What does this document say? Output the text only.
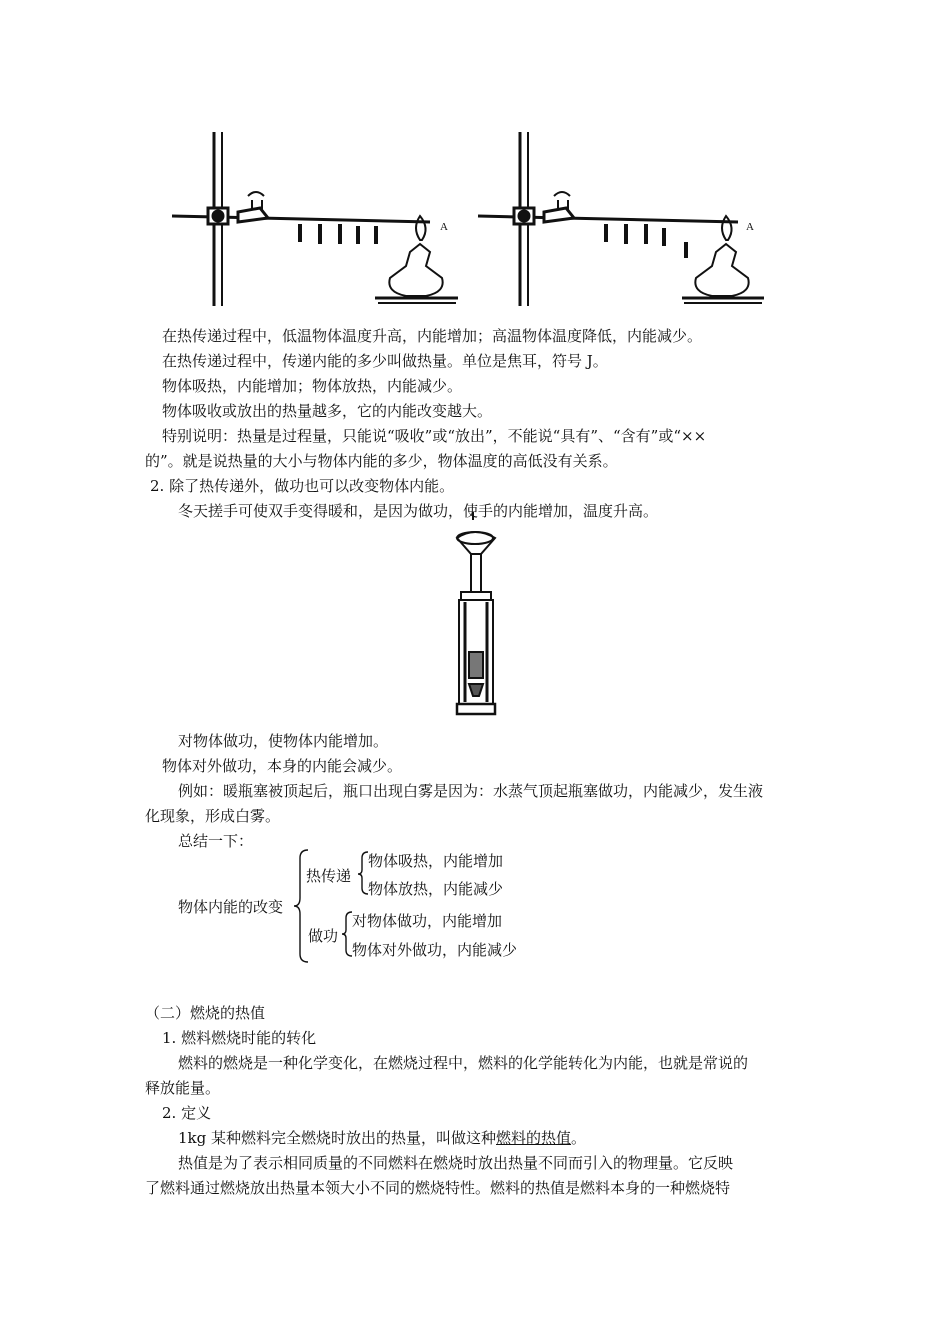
A	A
在热传递过程中，低温物体温度升高，内能增加；高温物体温度降低，内能减少。
在热传递过程中，传递内能的多少叫做热量。单位是焦耳，符号 J。
物体吸热，内能增加；物体放热，内能减少。
物体吸收或放出的热量越多，它的内能改变越大。
特别说明：热量是过程量，只能说“吸收”或“放出”，不能说“具有”、“含有”或“××
的”。就是说热量的大小与物体内能的多少，物体温度的高低没有关系。
2. 除了热传递外，做功也可以改变物体内能。
冬天搓手可使双手变得暖和，是因为做功，使手的内能增加，温度升高。
对物体做功，使物体内能增加。
物体对外做功，本身的内能会减少。
例如：暖瓶塞被顶起后，瓶口出现白雾是因为：水蒸气顶起瓶塞做功，内能减少，发生液
化现象，形成白雾。
总结一下：
物体内能的改变
热传递
物体吸热，内能增加
物体放热，内能减少
做功
对物体做功，内能增加
物体对外做功，内能减少
（二）燃烧的热值
1. 燃料燃烧时能的转化
燃料的燃烧是一种化学变化，在燃烧过程中，燃料的化学能转化为内能，也就是常说的
释放能量。
2. 定义
1kg 某种燃料完全燃烧时放出的热量，叫做这种燃料的热值。
热值是为了表示相同质量的不同燃料在燃烧时放出热量不同而引入的物理量。它反映
了燃料通过燃烧放出热量本领大小不同的燃烧特性。燃料的热值是燃料本身的一种燃烧特
